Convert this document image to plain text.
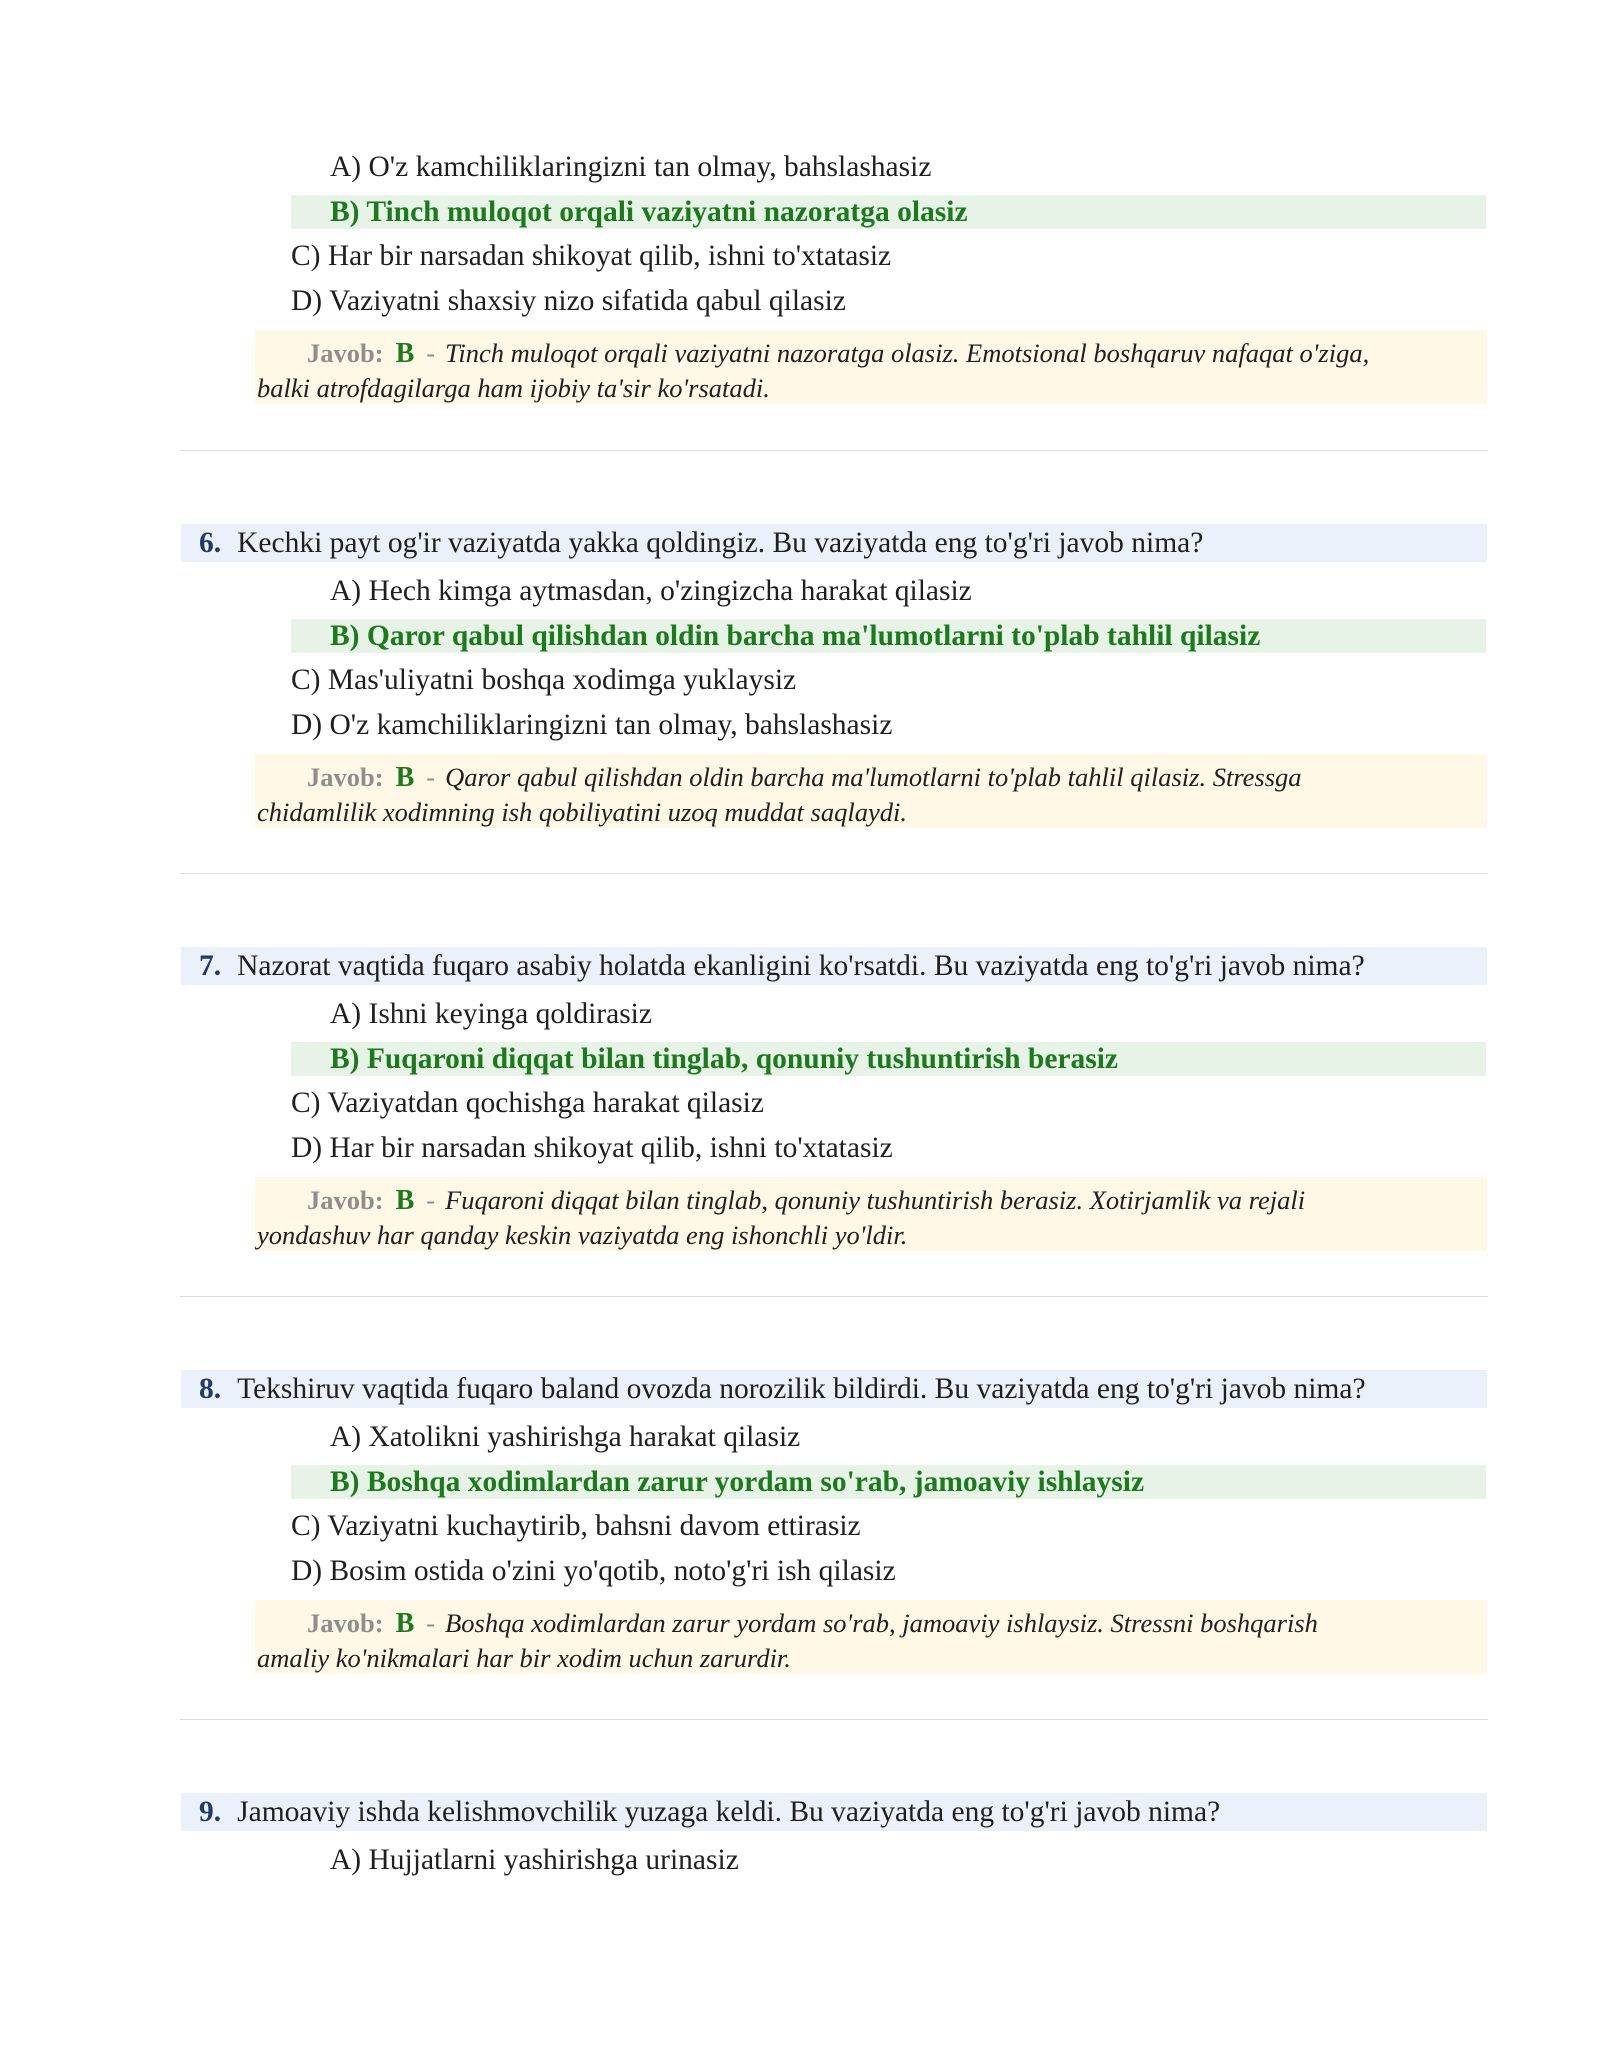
A) O'z kamchiliklaringizni tan olmay, bahslashasiz
B) Tinch muloqot orqali vaziyatni nazoratga olasiz
C) Har bir narsadan shikoyat qilib, ishni to'xtatasiz
D) Vaziyatni shaxsiy nizo sifatida qabul qilasiz
Javob: B - Tinch muloqot orqali vaziyatni nazoratga olasiz. Emotsional boshqaruv nafaqat o'ziga,
balki atrofdagilarga ham ijobiy ta'sir ko'rsatadi.
6. Kechki payt og'ir vaziyatda yakka qoldingiz. Bu vaziyatda eng to'g'ri javob nima?
A) Hech kimga aytmasdan, o'zingizcha harakat qilasiz
B) Qaror qabul qilishdan oldin barcha ma'lumotlarni to'plab tahlil qilasiz
C) Mas'uliyatni boshqa xodimga yuklaysiz
D) O'z kamchiliklaringizni tan olmay, bahslashasiz
Javob: B - Qaror qabul qilishdan oldin barcha ma'lumotlarni to'plab tahlil qilasiz. Stressga
chidamlilik xodimning ish qobiliyatini uzoq muddat saqlaydi.
7. Nazorat vaqtida fuqaro asabiy holatda ekanligini ko'rsatdi. Bu vaziyatda eng to'g'ri javob nima?
A) Ishni keyinga qoldirasiz
B) Fuqaroni diqqat bilan tinglab, qonuniy tushuntirish berasiz
C) Vaziyatdan qochishga harakat qilasiz
D) Har bir narsadan shikoyat qilib, ishni to'xtatasiz
Javob: B - Fuqaroni diqqat bilan tinglab, qonuniy tushuntirish berasiz. Xotirjamlik va rejali
yondashuv har qanday keskin vaziyatda eng ishonchli yo'ldir.
8. Tekshiruv vaqtida fuqaro baland ovozda norozilik bildirdi. Bu vaziyatda eng to'g'ri javob nima?
A) Xatolikni yashirishga harakat qilasiz
B) Boshqa xodimlardan zarur yordam so'rab, jamoaviy ishlaysiz
C) Vaziyatni kuchaytirib, bahsni davom ettirasiz
D) Bosim ostida o'zini yo'qotib, noto'g'ri ish qilasiz
Javob: B - Boshqa xodimlardan zarur yordam so'rab, jamoaviy ishlaysiz. Stressni boshqarish
amaliy ko'nikmalari har bir xodim uchun zarurdir.
9. Jamoaviy ishda kelishmovchilik yuzaga keldi. Bu vaziyatda eng to'g'ri javob nima?
A) Hujjatlarni yashirishga urinasiz
